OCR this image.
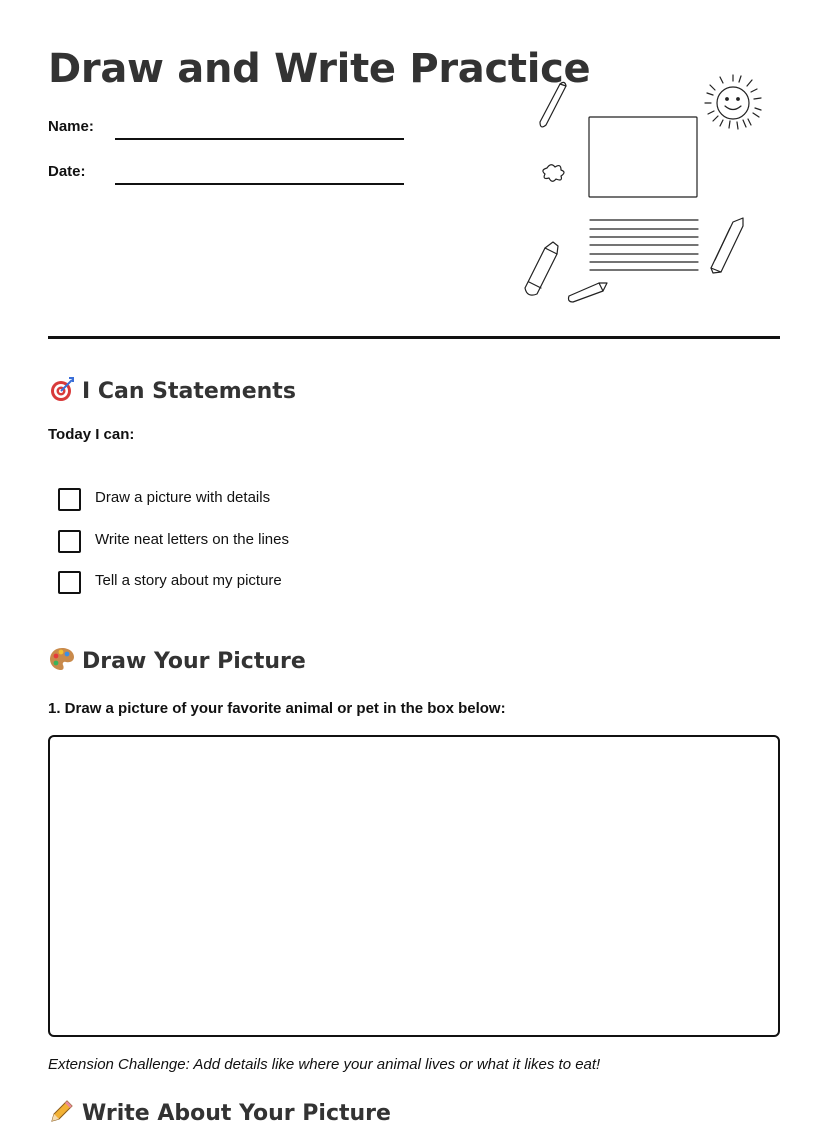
Draw and Write Practice
Name:
Date:
I Can Statements
Today I can:
Draw a picture with details
Write neat letters on the lines
Tell a story about my picture
Draw Your Picture
1. Draw a picture of your favorite animal or pet in the box below:
Extension Challenge: Add details like where your animal lives or what it likes to eat!
Write About Your Picture
